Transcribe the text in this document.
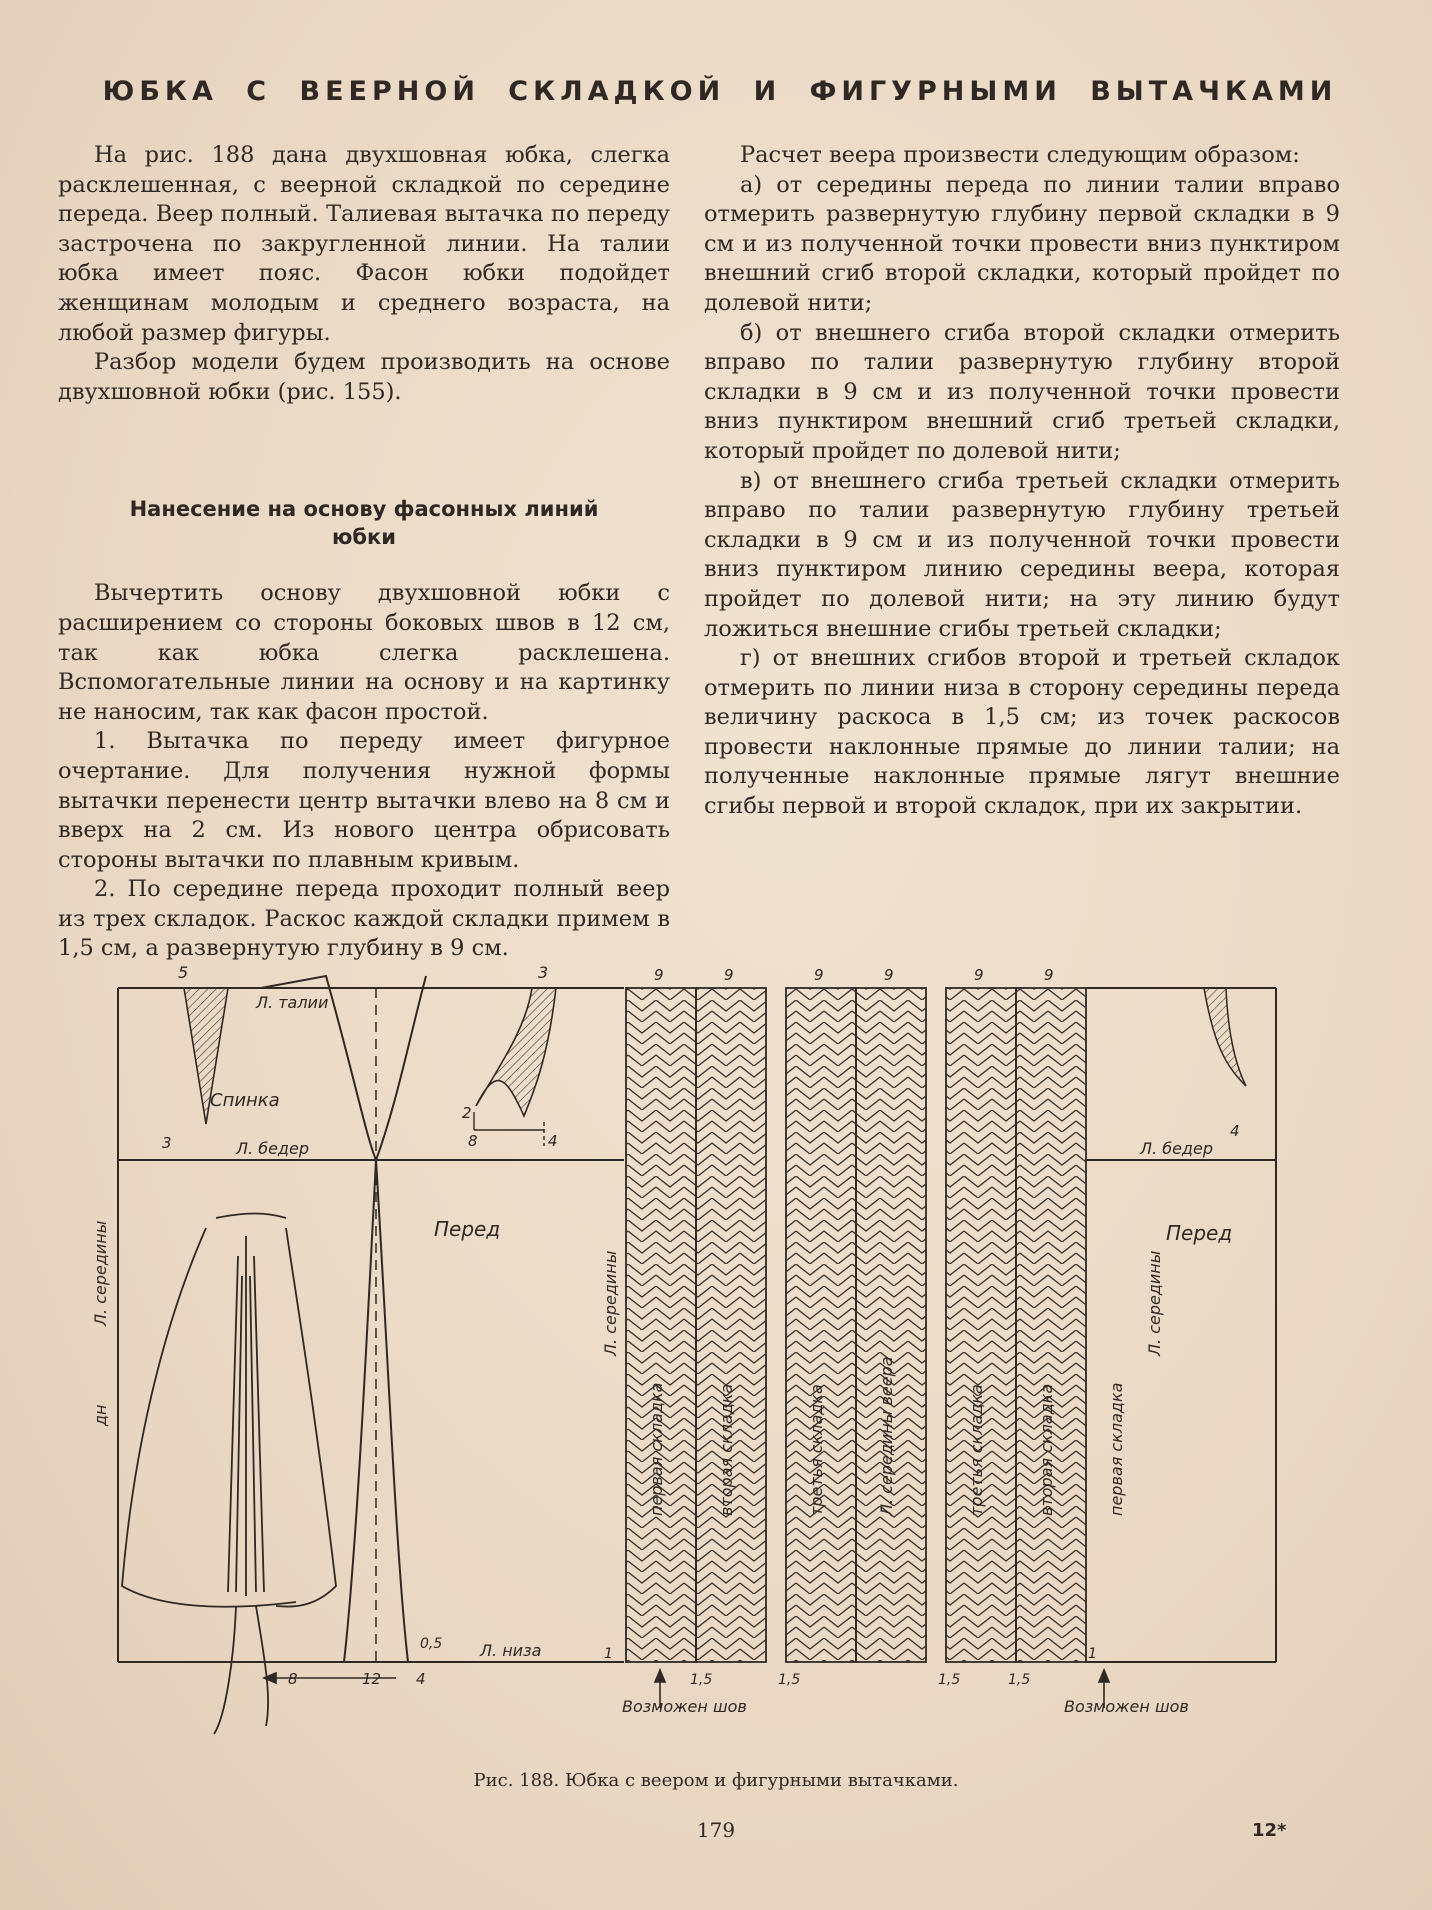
ЮБКА С ВЕЕРНОЙ СКЛАДКОЙ И ФИГУРНЫМИ ВЫТАЧКАМИ

На рис. 188 дана двухшовная юбка, слегка расклешенная, с веерной складкой по середине переда. Веер полный. Талиевая вытачка по переду застрочена по закругленной линии. На талии юбка имеет пояс. Фасон юбки подойдет женщинам молодым и среднего возраста, на любой размер фигуры.

Разбор модели будем производить на основе двухшовной юбки (рис. 155).

Нанесение на основу фасонных линий юбки

Вычертить основу двухшовной юбки с расширением со стороны боковых швов в 12 см, так как юбка слегка расклешена. Вспомогательные линии на основу и на картинку не наносим, так как фасон простой.

1. Вытачка по переду имеет фигурное очертание. Для получения нужной формы вытачки перенести центр вытачки влево на 8 см и вверх на 2 см. Из нового центра обрисовать стороны вытачки по плавным кривым.

2. По середине переда проходит полный веер из трех складок. Раскос каждой складки примем в 1,5 см, а развернутую глубину в 9 см.

Расчет веера произвести следующим образом:

а) от середины переда по линии талии вправо отмерить развернутую глубину первой складки в 9 см и из полученной точки провести вниз пунктиром внешний сгиб второй складки, который пройдет по долевой нити;

б) от внешнего сгиба второй складки отмерить вправо по талии развернутую глубину второй складки в 9 см и из полученной точки провести вниз пунктиром внешний сгиб третьей складки, который пройдет по долевой нити;

в) от внешнего сгиба третьей складки отмерить вправо по талии развернутую глубину третьей складки в 9 см и из полученной точки провести вниз пунктиром линию середины веера, которая пройдет по долевой нити; на эту линию будут ложиться внешние сгибы третьей складки;

г) от внешних сгибов второй и третьей складок отмерить по линии низа в сторону середины переда величину раскоса в 1,5 см; из точек раскосов провести наклонные прямые до линии талии; на полученные наклонные прямые лягут внешние сгибы первой и второй складок, при их закрытии.

Л. талии
Спинка
Л. бедер
Перед
Л. низа
Л. бедер
Перед
Возможен шов	Возможен шов
Л. середины
дн
Л. середины	Л. середины
первая складка	вторая складка	третья складка	Л. середины веера	третья складка	вторая складка	первая складка
5	3
3
2
8	4
4
0,5
1	1
8	12 4
9	9	9	9	9	9
1,5	1,5	1,5	1,5
Рис. 188. Юбка с веером и фигурными вытачками.
179	12*
